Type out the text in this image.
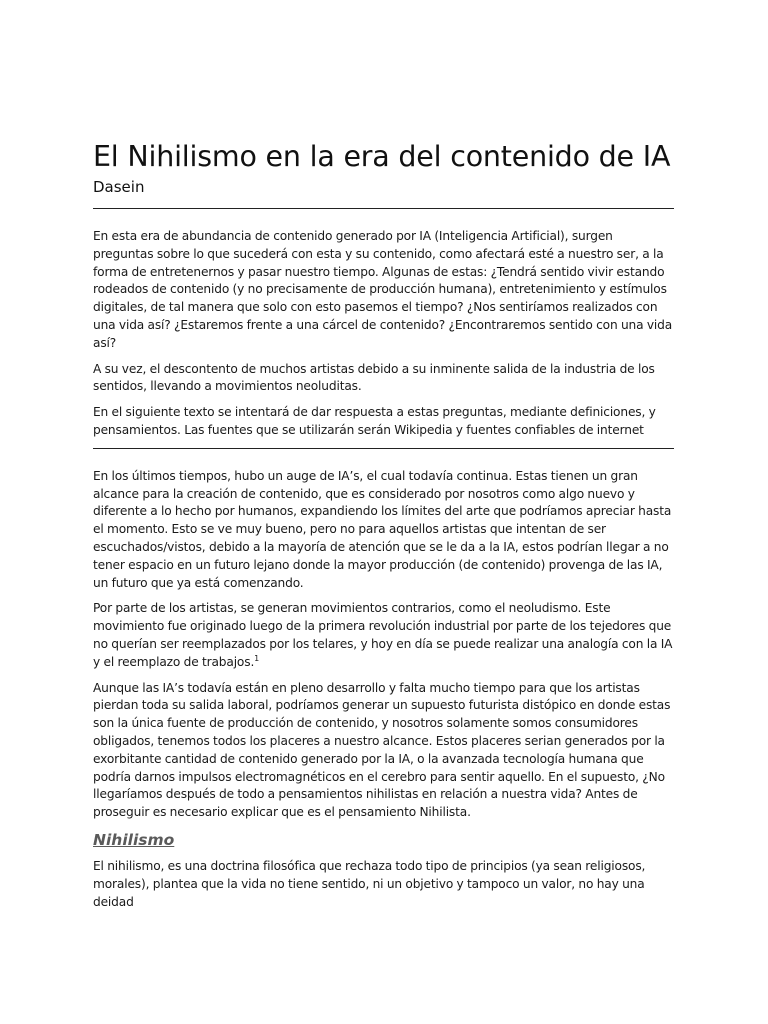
El Nihilismo en la era del contenido de IA
Dasein

En esta era de abundancia de contenido generado por IA (Inteligencia Artificial), surgen preguntas sobre lo que sucederá con esta y su contenido, como afectará esté a nuestro ser, a la forma de entretenernos y pasar nuestro tiempo. Algunas de estas: ¿Tendrá sentido vivir estando rodeados de contenido (y no precisamente de producción humana), entretenimiento y estímulos digitales, de tal manera que solo con esto pasemos el tiempo? ¿Nos sentiríamos realizados con una vida así? ¿Estaremos frente a una cárcel de contenido? ¿Encontraremos sentido con una vida así?

A su vez, el descontento de muchos artistas debido a su inminente salida de la industria de los sentidos, llevando a movimientos neoluditas.

En el siguiente texto se intentará de dar respuesta a estas preguntas, mediante definiciones, y pensamientos. Las fuentes que se utilizarán serán Wikipedia y fuentes confiables de internet

En los últimos tiempos, hubo un auge de IA’s, el cual todavía continua. Estas tienen un gran alcance para la creación de contenido, que es considerado por nosotros como algo nuevo y diferente a lo hecho por humanos, expandiendo los límites del arte que podríamos apreciar hasta el momento. Esto se ve muy bueno, pero no para aquellos artistas que intentan de ser escuchados/vistos, debido a la mayoría de atención que se le da a la IA, estos podrían llegar a no tener espacio en un futuro lejano donde la mayor producción (de contenido) provenga de las IA, un futuro que ya está comenzando.

Por parte de los artistas, se generan movimientos contrarios, como el neoludismo. Este movimiento fue originado luego de la primera revolución industrial por parte de los tejedores que no querían ser reemplazados por los telares, y hoy en día se puede realizar una analogía con la IA y el reemplazo de trabajos.$^1$

Aunque las IA’s todavía están en pleno desarrollo y falta mucho tiempo para que los artistas pierdan toda su salida laboral, podríamos generar un supuesto futurista distópico en donde estas son la única fuente de producción de contenido, y nosotros solamente somos consumidores obligados, tenemos todos los placeres a nuestro alcance. Estos placeres serian generados por la exorbitante cantidad de contenido generado por la IA, o la avanzada tecnología humana que podría darnos impulsos electromagnéticos en el cerebro para sentir aquello. En el supuesto, ¿No llegaríamos después de todo a pensamientos nihilistas en relación a nuestra vida? Antes de proseguir es necesario explicar que es el pensamiento Nihilista.

Nihilismo

El nihilismo, es una doctrina filosófica que rechaza todo tipo de principios (ya sean religiosos, morales), plantea que la vida no tiene sentido, ni un objetivo y tampoco un valor, no hay una deidad
